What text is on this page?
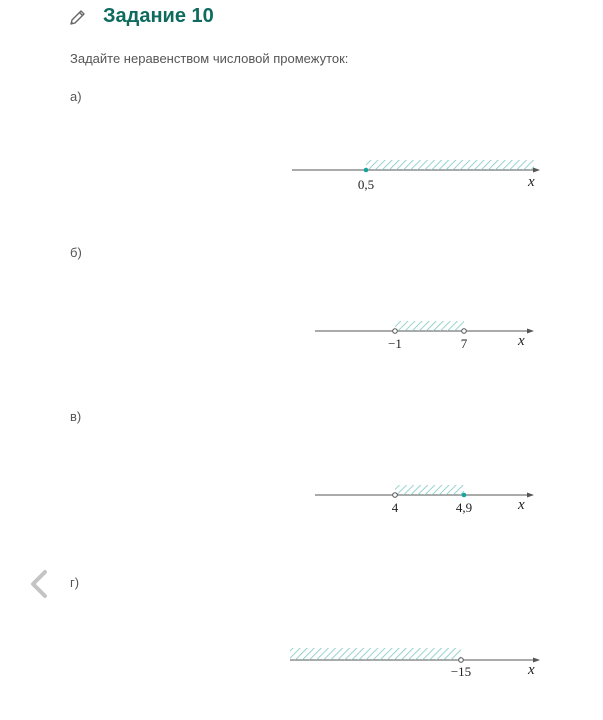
Задание 10
Задайте неравенством числовой промежуток:
а)
б)
в)
г)
0,5	x
−1	7	x
4	4,9	x
−15	x
